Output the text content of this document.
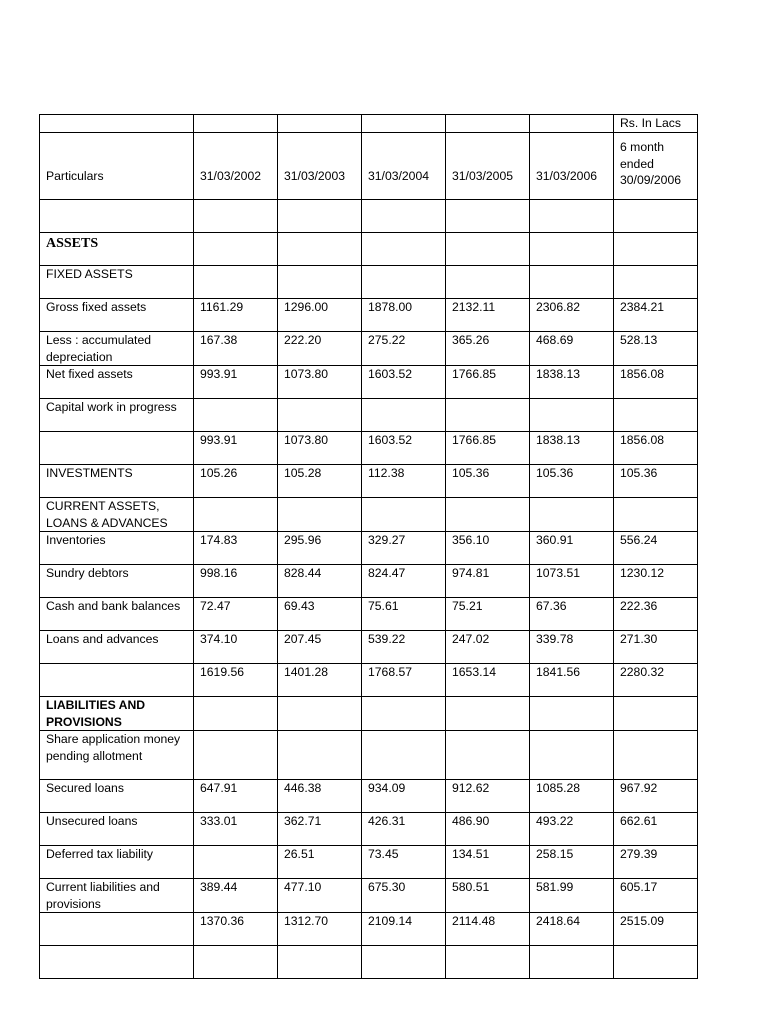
						Rs. In Lacs
Particulars	31/03/2002	31/03/2003	31/03/2004	31/03/2005	31/03/2006	6 month ended 30/09/2006

ASSETS						
FIXED ASSETS						
Gross fixed assets	1161.29	1296.00	1878.00	2132.11	2306.82	2384.21
Less : accumulated depreciation	167.38	222.20	275.22	365.26	468.69	528.13
Net fixed assets	993.91	1073.80	1603.52	1766.85	1838.13	1856.08
Capital work in progress						
	993.91	1073.80	1603.52	1766.85	1838.13	1856.08
INVESTMENTS	105.26	105.28	112.38	105.36	105.36	105.36
CURRENT ASSETS, LOANS & ADVANCES						
Inventories	174.83	295.96	329.27	356.10	360.91	556.24
Sundry debtors	998.16	828.44	824.47	974.81	1073.51	1230.12
Cash and bank balances	72.47	69.43	75.61	75.21	67.36	222.36
Loans and advances	374.10	207.45	539.22	247.02	339.78	271.30
	1619.56	1401.28	1768.57	1653.14	1841.56	2280.32
LIABILITIES AND PROVISIONS						
Share application money pending allotment						
Secured loans	647.91	446.38	934.09	912.62	1085.28	967.92
Unsecured loans	333.01	362.71	426.31	486.90	493.22	662.61
Deferred tax liability		26.51	73.45	134.51	258.15	279.39
Current liabilities and provisions	389.44	477.10	675.30	580.51	581.99	605.17
	1370.36	1312.70	2109.14	2114.48	2418.64	2515.09
